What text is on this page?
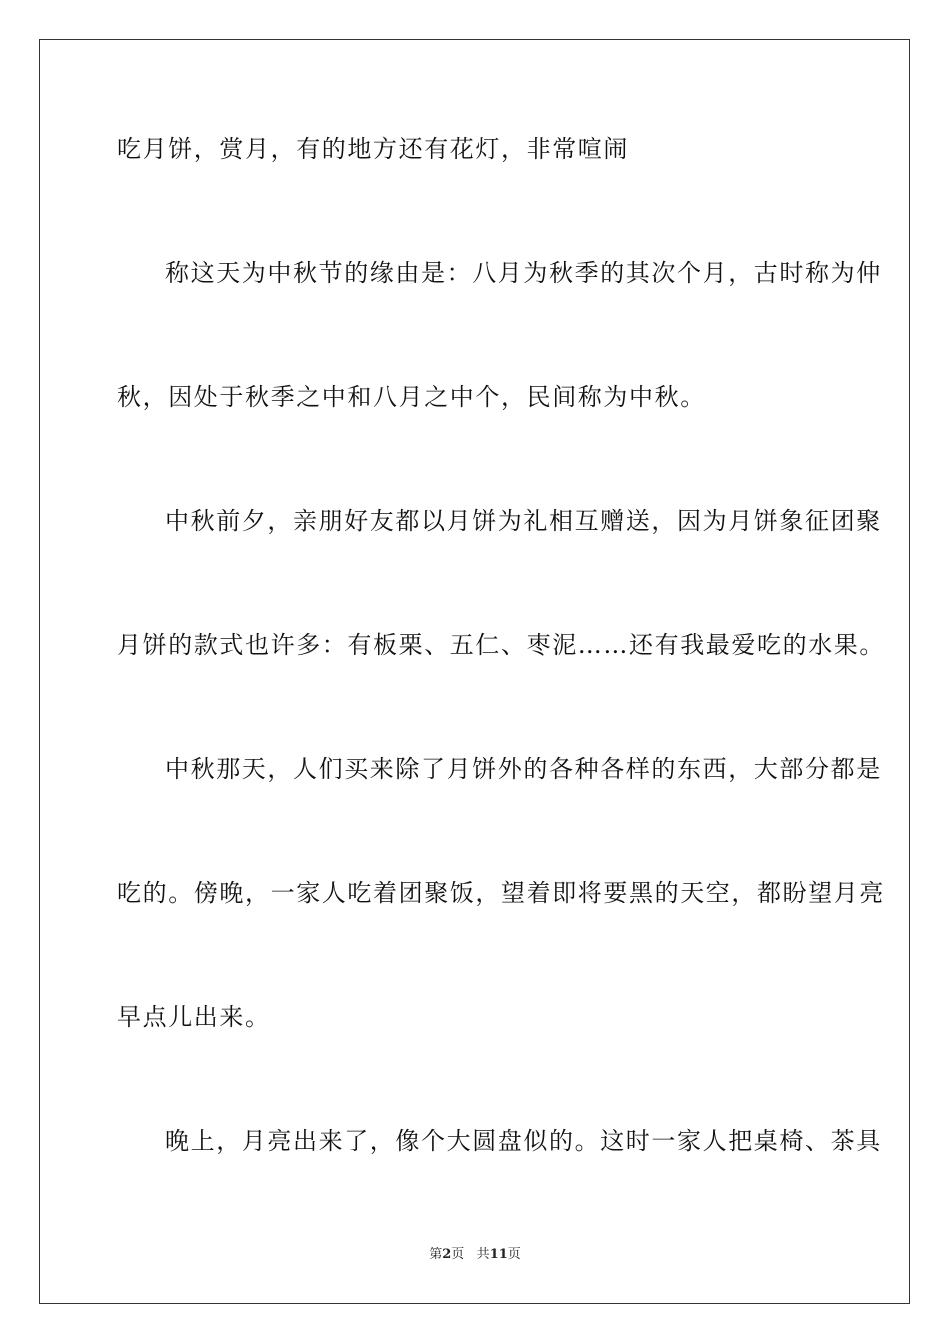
吃月饼，赏月，有的地方还有花灯，非常喧闹
称这天为中秋节的缘由是：八月为秋季的其次个月，古时称为仲
秋，因处于秋季之中和八月之中个，民间称为中秋。
中秋前夕，亲朋好友都以月饼为礼相互赠送，因为月饼象征团聚
月饼的款式也许多：有板栗、五仁、枣泥……还有我最爱吃的水果。
中秋那天，人们买来除了月饼外的各种各样的东西，大部分都是
吃的。傍晚，一家人吃着团聚饭，望着即将要黑的天空，都盼望月亮
早点儿出来。
晚上，月亮出来了，像个大圆盘似的。这时一家人把桌椅、茶具
第2页 共11页
